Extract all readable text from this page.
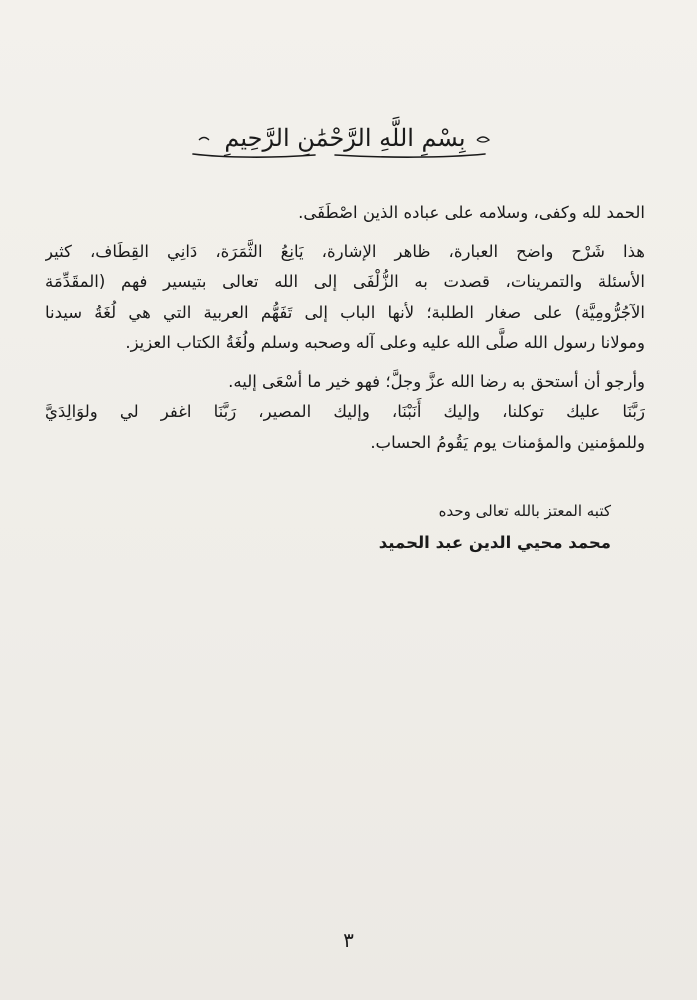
بِسْمِ اللَّهِ الرَّحْمَٰنِ الرَّحِيمِ
الحمد لله وكفى، وسلامه على عباده الذين اصْطَفَى.
هذا شَرْح واضح العبارة، ظاهر الإشارة، يَانِعُ الثَّمَرَة، دَانِي القِطَاف، كثير
الأسئلة والتمرينات، قصدت به الزُّلْفَى إلى الله تعالى بتيسير فهم (المقَدِّمَة
الآجُرُّومِيَّة) على صغار الطلبة؛ لأنها الباب إلى تَفَهُّم العربية التي هي لُغَةُ سيدنا
ومولانا رسول الله صلَّى الله عليه وعلى آله وصحبه وسلم ولُغَةُ الكتاب العزيز.
وأرجو أن أستحق به رضا الله عزَّ وجلَّ؛ فهو خير ما أسْعَى إليه.
رَبَّنَا عليك توكلنا، وإليك أَنَبْنَا، وإليك المصير، رَبَّنَا اغفر لي ولوَالِدَيَّ
وللمؤمنين والمؤمنات يوم يَقُومُ الحساب.
كتبه المعتز بالله تعالى وحده
محمد محيي الدين عبد الحميد
٣
